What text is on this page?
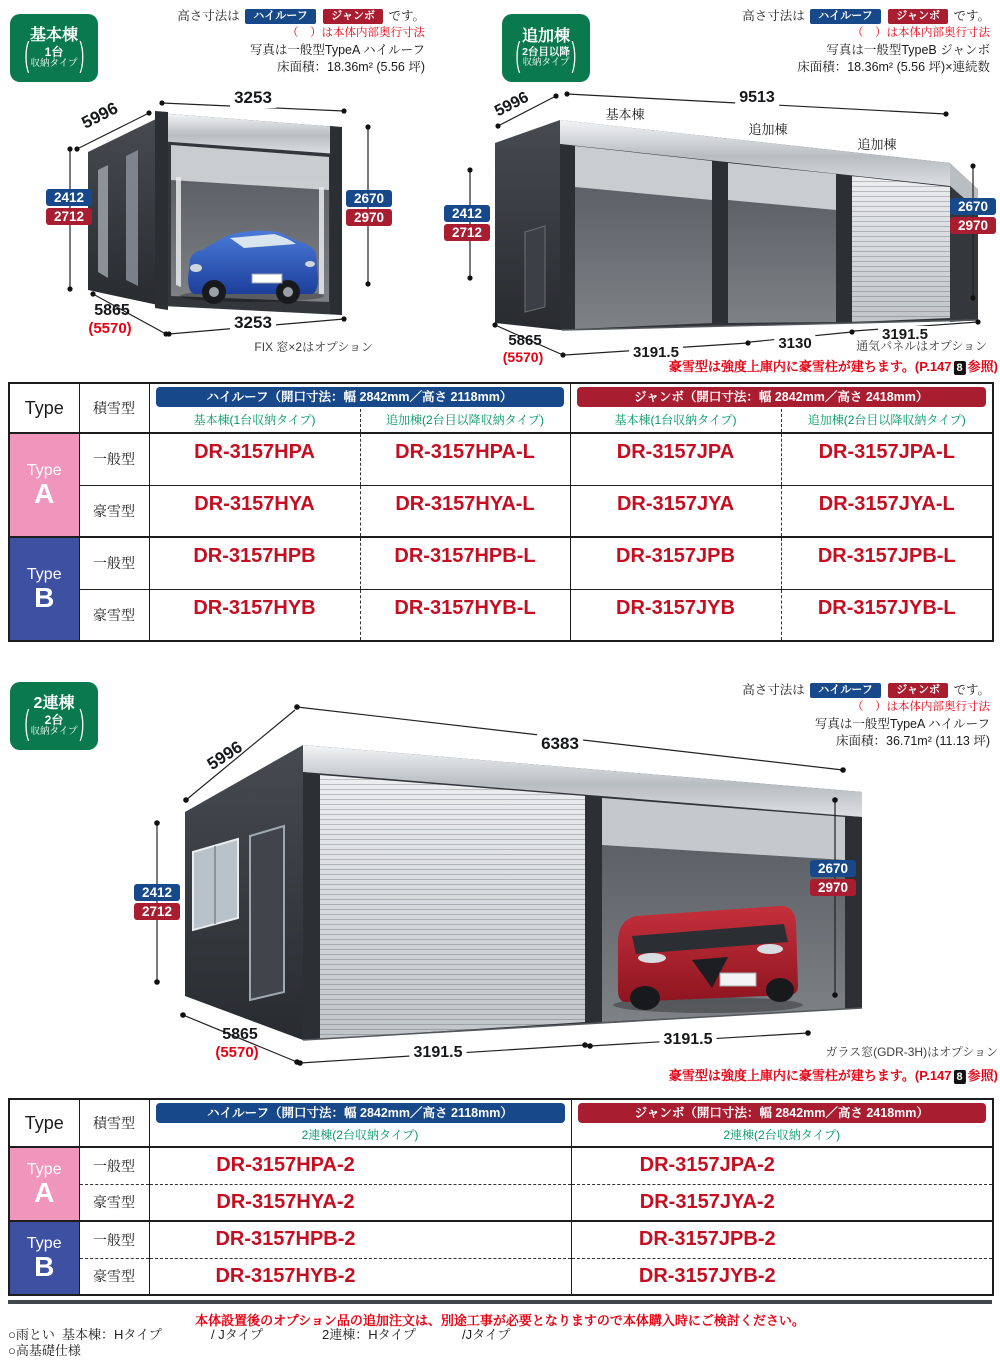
基本棟
( 1台
収納タイプ )
高さ寸法は ハイルーフ ジャンボ です。
（　）は本体内部奥行寸法
写真は一般型TypeA ハイルーフ
床面積：18.36m² (5.56 坪)
追加棟
( 2台目以降
収納タイプ )
高さ寸法は ハイルーフ ジャンボ です。
（　）は本体内部奥行寸法
写真は一般型TypeB ジャンボ
床面積：18.36m² (5.56 坪)×連続数
3253
5996
2412
2712
2670
2970
5865
(5570)	3253
FIX 窓×2はオプション
9513
5996	基本棟
追加棟
追加棟
2412
2712
2670
2970
5865
(5570)	3191.5
3130
3191.5
通気パネルはオプション
豪雪型は強度上庫内に豪雪柱が建ちます。(P.147 8 参照)
Type	積雪型	ハイルーフ（開口寸法：幅 2842mm／高さ 2118mm）		ジャンボ（開口寸法：幅 2842mm／高さ 2418mm）	

		基本棟(1台収納タイプ)	追加棟(2台目以降収納タイプ)	基本棟(1台収納タイプ)	追加棟(2台目以降収納タイプ)

Type
A	一般型	DR-3157HPA	DR-3157HPA-L	DR-3157JPA	DR-3157JPA-L
	豪雪型	DR-3157HYA	DR-3157HYA-L	DR-3157JYA	DR-3157JYA-L

Type
B	一般型	DR-3157HPB	DR-3157HPB-L	DR-3157JPB	DR-3157JPB-L
	豪雪型	DR-3157HYB	DR-3157HYB-L	DR-3157JYB	DR-3157JYB-L
2連棟
( 2台
収納タイプ )
高さ寸法は ハイルーフ ジャンボ です。
（　）は本体内部奥行寸法
写真は一般型TypeA ハイルーフ
床面積：36.71m² (11.13 坪)
6383
5996
2412
2712
2670
2970
5865
(5570)	3191.5
3191.5
ガラス窓(GDR-3H)はオプション
豪雪型は強度上庫内に豪雪柱が建ちます。(P.147 8 参照)
Type	積雪型	ハイルーフ（開口寸法：幅 2842mm／高さ 2118mm）	ジャンボ（開口寸法：幅 2842mm／高さ 2418mm）

		2連棟(2台収納タイプ)	2連棟(2台収納タイプ)

Type
A	一般型	DR-3157HPA-2	DR-3157JPA-2
	豪雪型	DR-3157HYA-2	DR-3157JYA-2

Type
B	一般型	DR-3157HPB-2	DR-3157JPB-2
	豪雪型	DR-3157HYB-2	DR-3157JYB-2
本体設置後のオプション品の追加注文は、別途工事が必要となりますので本体購入時にご検討ください。
○雨とい 基本棟：Hタイプ	/ Jタイプ	2連棟：Hタイプ	/Jタイプ
○高基礎仕様
